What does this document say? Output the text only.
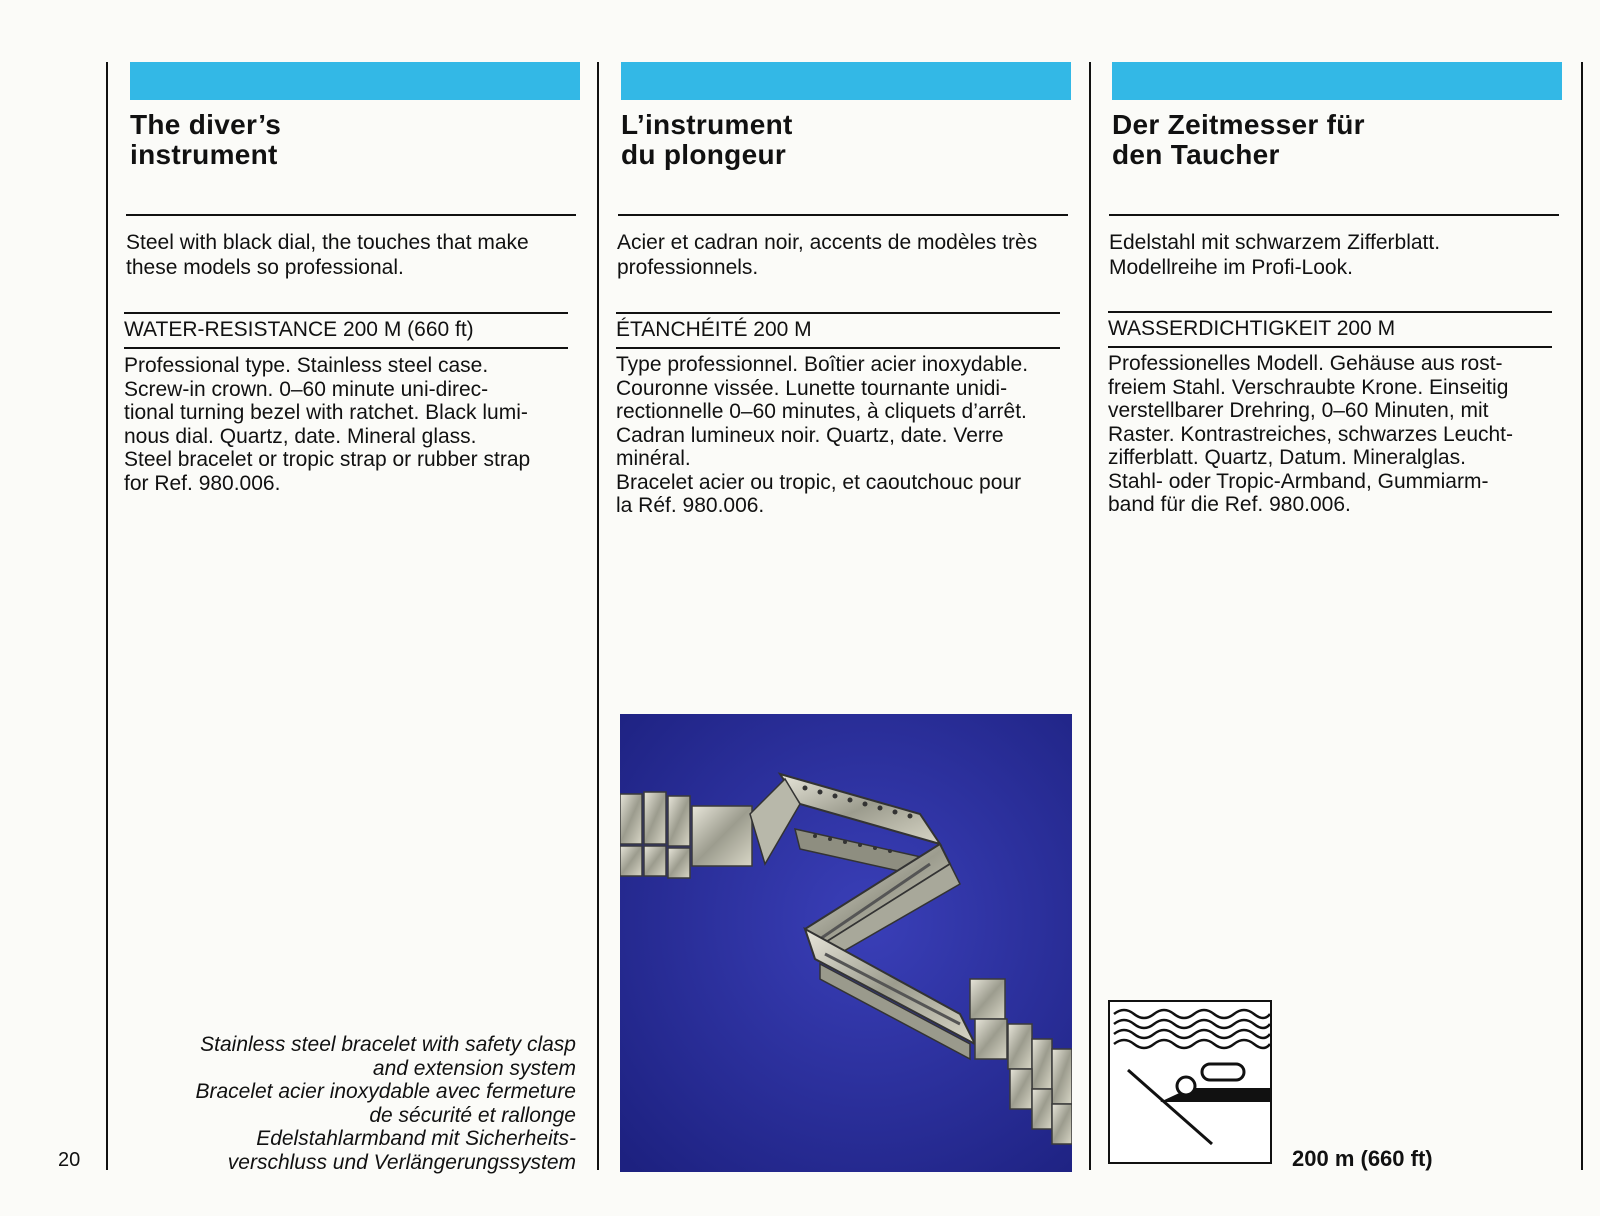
The diver’s
instrument
Steel with black dial, the touches that make
these models so professional.
WATER-RESISTANCE 200 M (660 ft)
Professional type. Stainless steel case.
Screw-in crown. 0–60 minute uni-direc-
tional turning bezel with ratchet. Black lumi-
nous dial. Quartz, date. Mineral glass.
Steel bracelet or tropic strap or rubber strap
for Ref. 980.006.
L’instrument
du plongeur
Acier et cadran noir, accents de modèles très
professionnels.
ÉTANCHÉITÉ 200 M
Type professionnel. Boîtier acier inoxydable.
Couronne vissée. Lunette tournante unidi-
rectionnelle 0–60 minutes, à cliquets d’arrêt.
Cadran lumineux noir. Quartz, date. Verre
minéral.
Bracelet acier ou tropic, et caoutchouc pour
la Réf. 980.006.
Der Zeitmesser für
den Taucher
Edelstahl mit schwarzem Zifferblatt.
Modellreihe im Profi-Look.
WASSERDICHTIGKEIT 200 M
Professionelles Modell. Gehäuse aus rost-
freiem Stahl. Verschraubte Krone. Einseitig
verstellbarer Drehring, 0–60 Minuten, mit
Raster. Kontrastreiches, schwarzes Leucht-
zifferblatt. Quartz, Datum. Mineralglas.
Stahl- oder Tropic-Armband, Gummiarm-
band für die Ref. 980.006.
Stainless steel bracelet with safety clasp
and extension system
Bracelet acier inoxydable avec fermeture
de sécurité et rallonge
Edelstahlarmband mit Sicherheits-
verschluss und Verlängerungssystem
20	200 m (660 ft)
